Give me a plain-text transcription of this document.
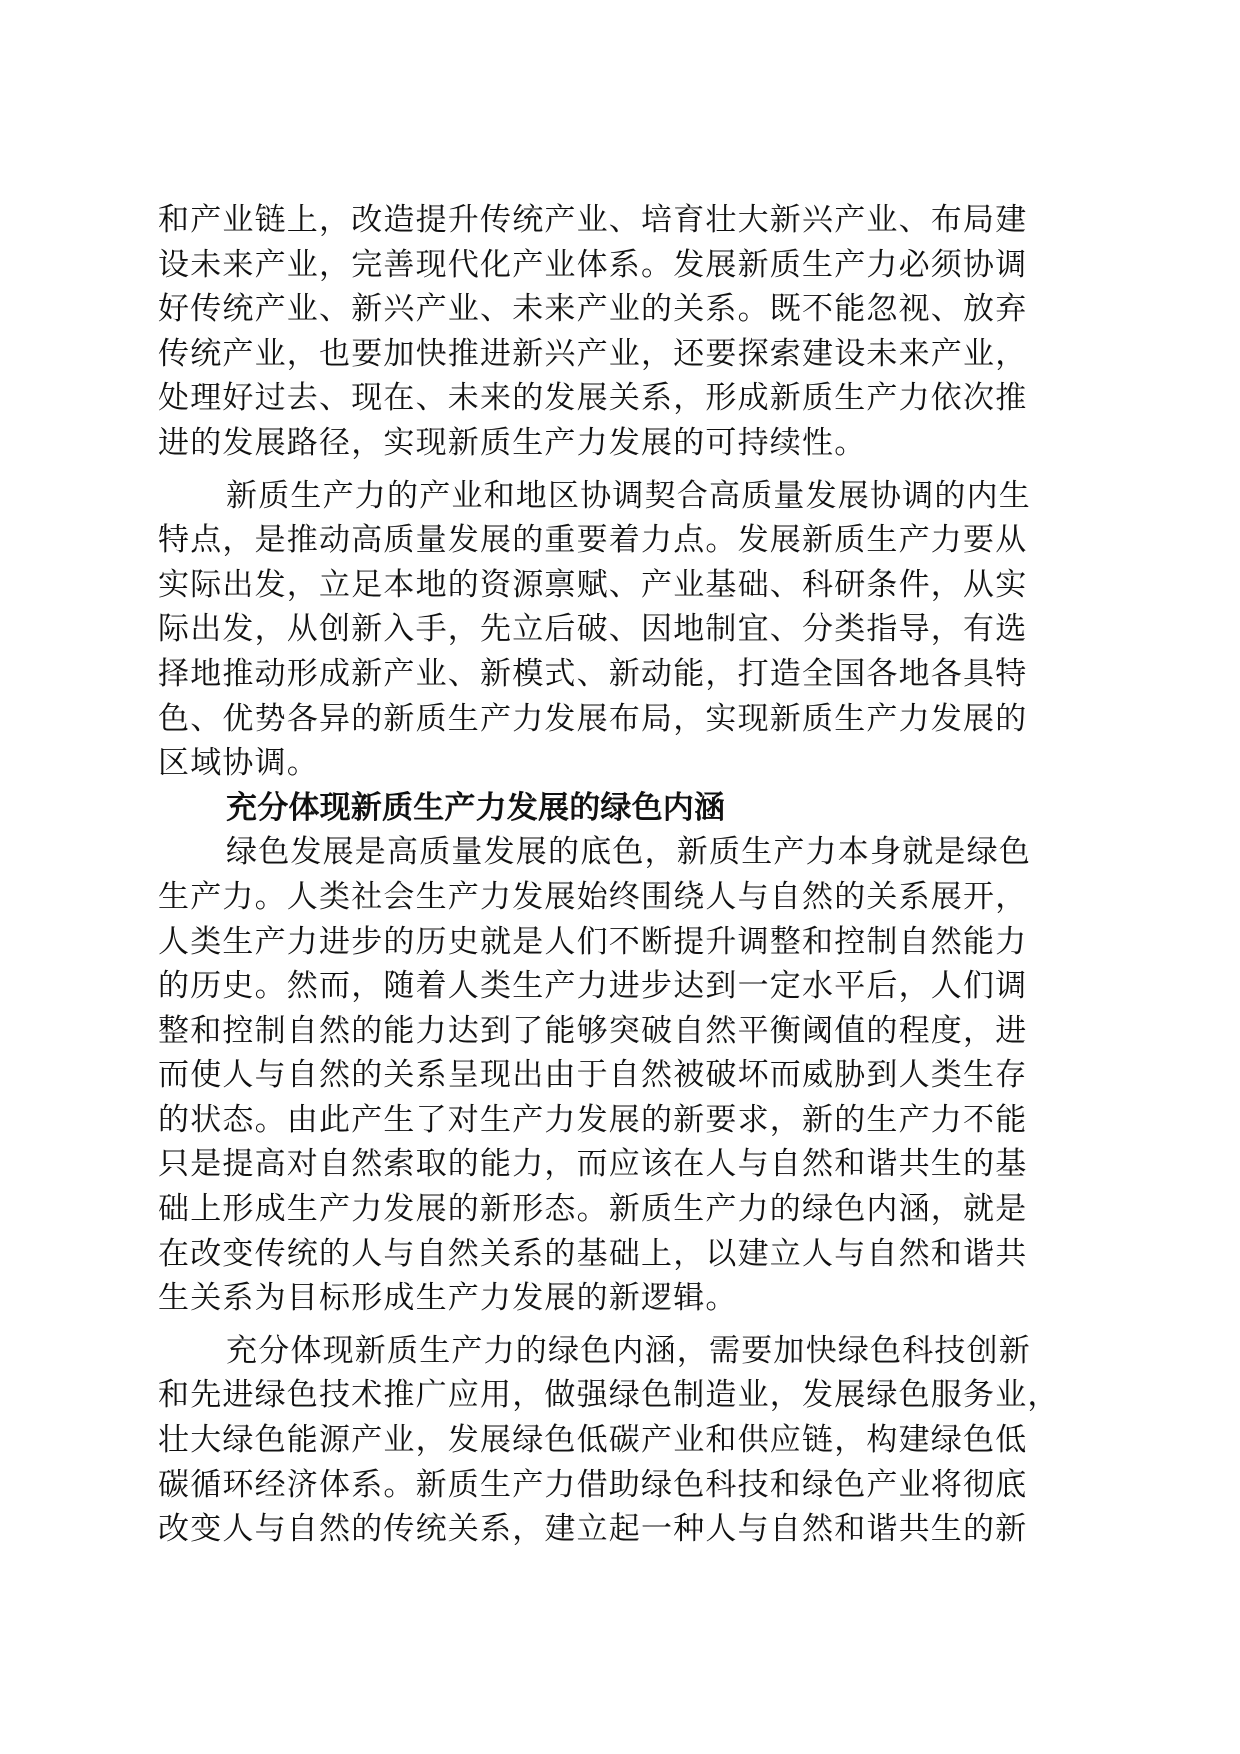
和产业链上，改造提升传统产业、培育壮大新兴产业、布局建
设未来产业，完善现代化产业体系。发展新质生产力必须协调
好传统产业、新兴产业、未来产业的关系。既不能忽视、放弃
传统产业，也要加快推进新兴产业，还要探索建设未来产业，
处理好过去、现在、未来的发展关系，形成新质生产力依次推
进的发展路径，实现新质生产力发展的可持续性。
新质生产力的产业和地区协调契合高质量发展协调的内生
特点，是推动高质量发展的重要着力点。发展新质生产力要从
实际出发，立足本地的资源禀赋、产业基础、科研条件，从实
际出发，从创新入手，先立后破、因地制宜、分类指导，有选
择地推动形成新产业、新模式、新动能，打造全国各地各具特
色、优势各异的新质生产力发展布局，实现新质生产力发展的
区域协调。
充分体现新质生产力发展的绿色内涵
绿色发展是高质量发展的底色，新质生产力本身就是绿色
生产力。人类社会生产力发展始终围绕人与自然的关系展开，
人类生产力进步的历史就是人们不断提升调整和控制自然能力
的历史。然而，随着人类生产力进步达到一定水平后，人们调
整和控制自然的能力达到了能够突破自然平衡阈值的程度，进
而使人与自然的关系呈现出由于自然被破坏而威胁到人类生存
的状态。由此产生了对生产力发展的新要求，新的生产力不能
只是提高对自然索取的能力，而应该在人与自然和谐共生的基
础上形成生产力发展的新形态。新质生产力的绿色内涵，就是
在改变传统的人与自然关系的基础上，以建立人与自然和谐共
生关系为目标形成生产力发展的新逻辑。
充分体现新质生产力的绿色内涵，需要加快绿色科技创新
和先进绿色技术推广应用，做强绿色制造业，发展绿色服务业，
壮大绿色能源产业，发展绿色低碳产业和供应链，构建绿色低
碳循环经济体系。新质生产力借助绿色科技和绿色产业将彻底
改变人与自然的传统关系，建立起一种人与自然和谐共生的新
